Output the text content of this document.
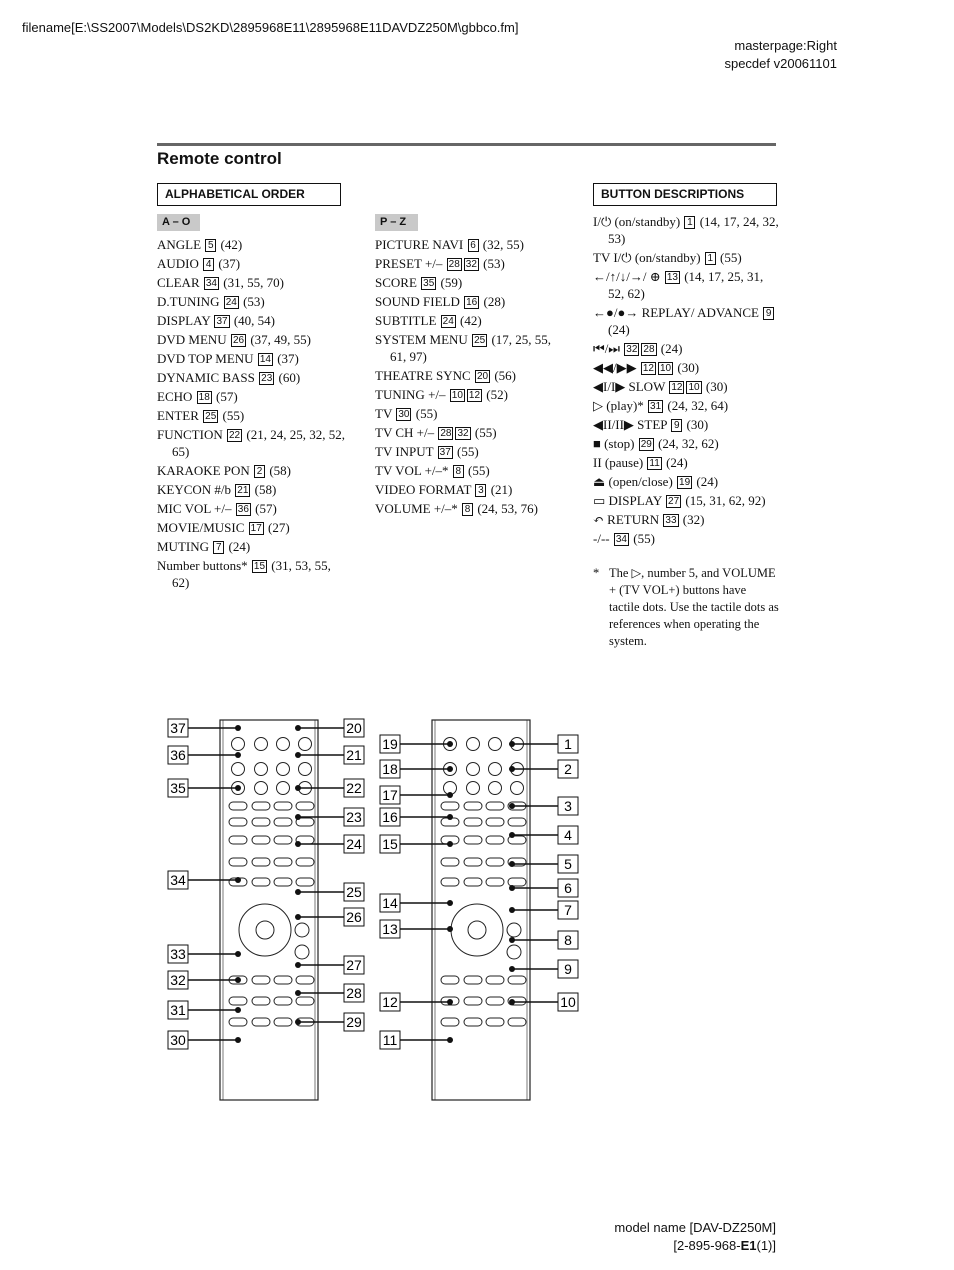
filename[E:\SS2007\Models\DS2KD\2895968E11\2895968E11DAVDZ250M\gbbco.fm]
masterpage:Right
specdef v20061101
Remote control
ALPHABETICAL ORDER	BUTTON DESCRIPTIONS
A – O	P – Z
ANGLE 5 (42)
AUDIO 4 (37)
CLEAR 34 (31, 55, 70)
D.TUNING 24 (53)
DISPLAY 37 (40, 54)
DVD MENU 26 (37, 49, 55)
DVD TOP MENU 14 (37)
DYNAMIC BASS 23 (60)
ECHO 18 (57)
ENTER 25 (55)
FUNCTION 22 (21, 24, 25, 32, 52, 65)
KARAOKE PON 2 (58)
KEYCON #/b 21 (58)
MIC VOL +/– 36 (57)
MOVIE/MUSIC 17 (27)
MUTING 7 (24)
Number buttons* 15 (31, 53, 55, 62)
PICTURE NAVI 6 (32, 55)
PRESET +/– 28 32 (53)
SCORE 35 (59)
SOUND FIELD 16 (28)
SUBTITLE 24 (42)
SYSTEM MENU 25 (17, 25, 55, 61, 97)
THEATRE SYNC 20 (56)
TUNING +/– 10 12 (52)
TV 30 (55)
TV CH +/– 28 32 (55)
TV INPUT 37 (55)
TV VOL +/–* 8 (55)
VIDEO FORMAT 3 (21)
VOLUME +/–* 8 (24, 53, 76)
I/⏻ (on/standby) 1 (14, 17, 24, 32, 53)
TV I/⏻ (on/standby) 1 (55)
←/↑/↓/→/ ⊕ 13 (14, 17, 25, 31, 52, 62)
←●/●→ REPLAY/ ADVANCE 9 (24)
⏮/⏭ 32 28 (24)
◀◀/▶▶ 12 10 (30)
◀I/I▶ SLOW 12 10 (30)
▷ (play)* 31 (24, 32, 64)
◀II/II▶ STEP 9 (30)
■ (stop) 29 (24, 32, 62)
II (pause) 11 (24)
⏏ (open/close) 19 (24)
▭ DISPLAY 27 (15, 31, 62, 92)
↶ RETURN 33 (32)
-/-- 34 (55)
* The ▷, number 5, and VOLUME + (TV VOL+) buttons have tactile dots. Use the tactile dots as references when operating the system.
37
36
35
34
33
32
31
30
20
21
22
23
24
25
26
27
28
29
19
18
17
16
15
14
13
12
11
1
2
3
4
5
6
7
8
9
10
model name [DAV-DZ250M]
[2-895-968-E1(1)]
